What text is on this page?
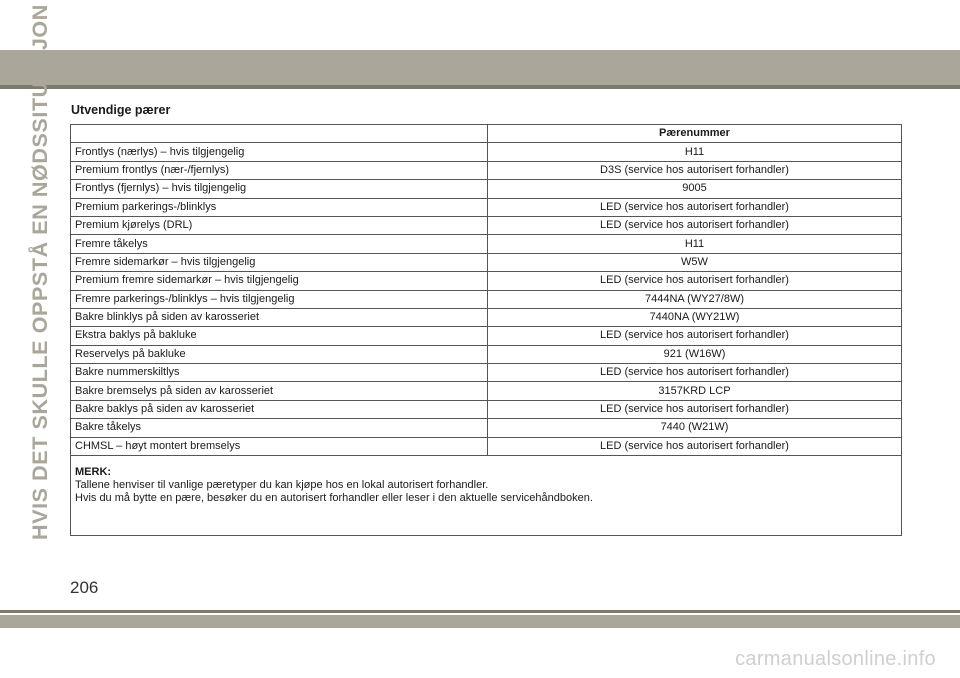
HVIS DET SKULLE OPPSTÅ EN NØDSSITUASJON Utvendige pærer
	Pærenummer
Frontlys (nærlys) – hvis tilgjengelig	H11
Premium frontlys (nær-/fjernlys)	D3S (service hos autorisert forhandler)
Frontlys (fjernlys) – hvis tilgjengelig	9005
Premium parkerings-/blinklys	LED (service hos autorisert forhandler)
Premium kjørelys (DRL)	LED (service hos autorisert forhandler)
Fremre tåkelys	H11
Fremre sidemarkør – hvis tilgjengelig	W5W
Premium fremre sidemarkør – hvis tilgjengelig	LED (service hos autorisert forhandler)
Fremre parkerings-/blinklys – hvis tilgjengelig	7444NA (WY27/8W)
Bakre blinklys på siden av karosseriet	7440NA (WY21W)
Ekstra baklys på bakluke	LED (service hos autorisert forhandler)
Reservelys på bakluke	921 (W16W)
Bakre nummerskiltlys	LED (service hos autorisert forhandler)
Bakre bremselys på siden av karosseriet	3157KRD LCP
Bakre baklys på siden av karosseriet	LED (service hos autorisert forhandler)
Bakre tåkelys	7440 (W21W)
CHMSL – høyt montert bremselys	LED (service hos autorisert forhandler)

MERK:
Tallene henviser til vanlige pæretyper du kan kjøpe hos en lokal autorisert forhandler.
Hvis du må bytte en pære, besøker du en autorisert forhandler eller leser i den aktuelle servicehåndboken.	
206
carmanualsonline.info
